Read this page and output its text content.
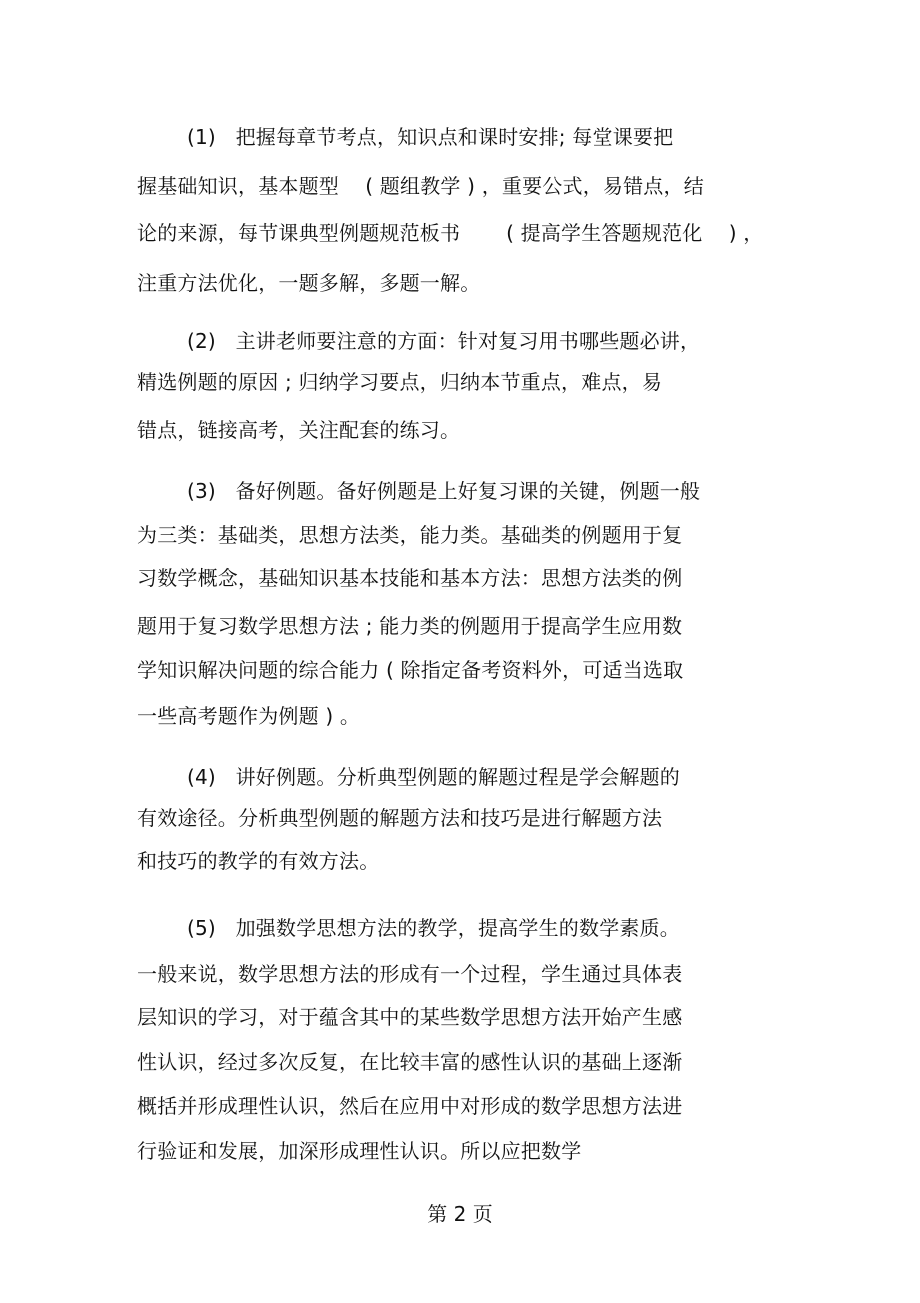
(1)   把握每章节考点，知识点和课时安排; 每堂课要把
握基础知识，基本题型    ( 题组教学 ) ，重要公式，易错点，结
论的来源，每节课典型例题规范板书       ( 提高学生答题规范化    ) ，
注重方法优化，一题多解，多题一解。
(2)   主讲老师要注意的方面：针对复习用书哪些题必讲，
精选例题的原因 ; 归纳学习要点，归纳本节重点，难点，易
错点，链接高考，关注配套的练习。
(3)   备好例题。备好例题是上好复习课的关键，例题一般
为三类：基础类，思想方法类，能力类。基础类的例题用于复
习数学概念，基础知识基本技能和基本方法：思想方法类的例
题用于复习数学思想方法 ; 能力类的例题用于提高学生应用数
学知识解决问题的综合能力 ( 除指定备考资料外，可适当选取
一些高考题作为例题 ) 。
(4)   讲好例题。分析典型例题的解题过程是学会解题的
有效途径。分析典型例题的解题方法和技巧是进行解题方法
和技巧的教学的有效方法。
(5)   加强数学思想方法的教学，提高学生的数学素质。
一般来说，数学思想方法的形成有一个过程，学生通过具体表
层知识的学习，对于蕴含其中的某些数学思想方法开始产生感
性认识，经过多次反复，在比较丰富的感性认识的基础上逐渐
概括并形成理性认识，然后在应用中对形成的数学思想方法进
行验证和发展，加深形成理性认识。所以应把数学
第 2 页
